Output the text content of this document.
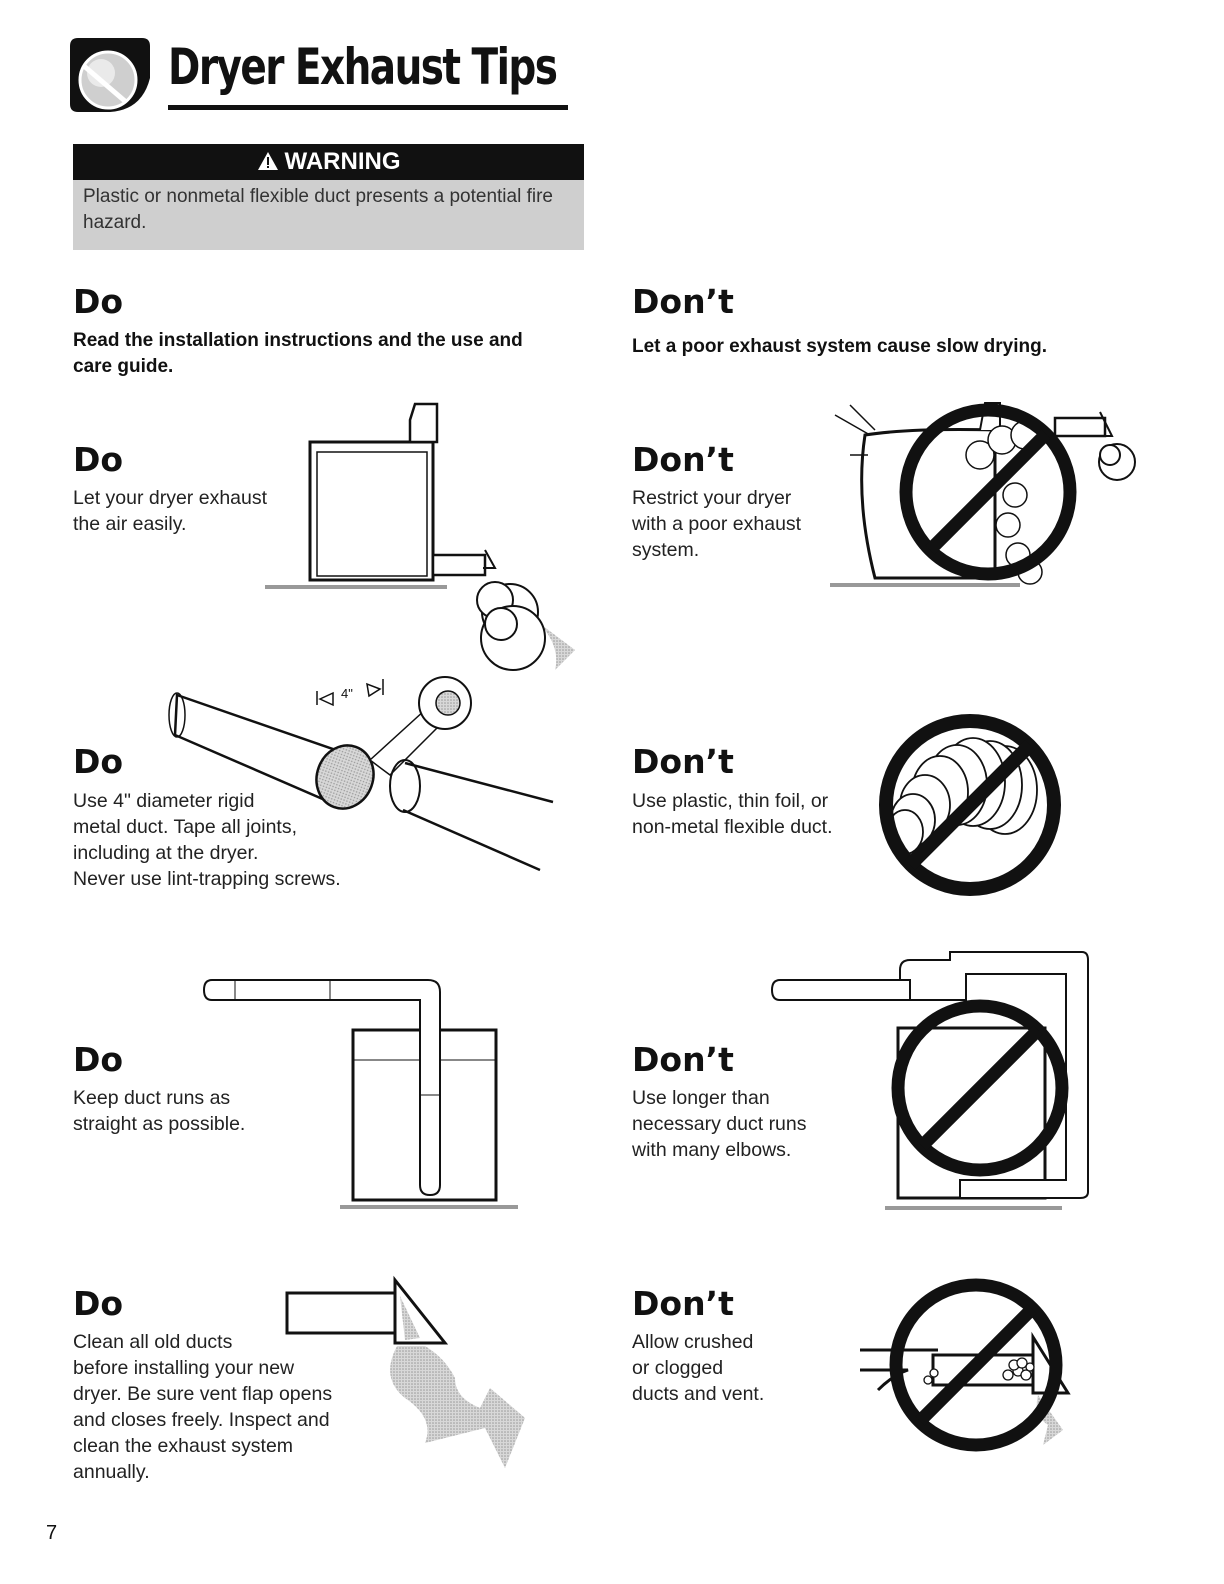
Dryer Exhaust Tips
WARNING
Plastic or nonmetal flexible duct presents a potential fire hazard.
Do
Read the installation instructions and the use and
care guide.
Don’t
Let a poor exhaust system cause slow drying.
Do
Let your dryer exhaust
the air easily.
Don’t
Restrict your dryer
with a poor exhaust
system.
Do
Use 4" diameter rigid
metal duct. Tape all joints,
including at the dryer.
Never use lint-trapping screws.
4"
Don’t
Use plastic, thin foil, or
non-metal flexible duct.
Do
Keep duct runs as
straight as possible.
Don’t
Use longer than
necessary duct runs
with many elbows.
Do
Clean all old ducts
before installing your new
dryer. Be sure vent flap opens
and closes freely. Inspect and
clean the exhaust system
annually.
Don’t
Allow crushed
or clogged
ducts and vent.
7
